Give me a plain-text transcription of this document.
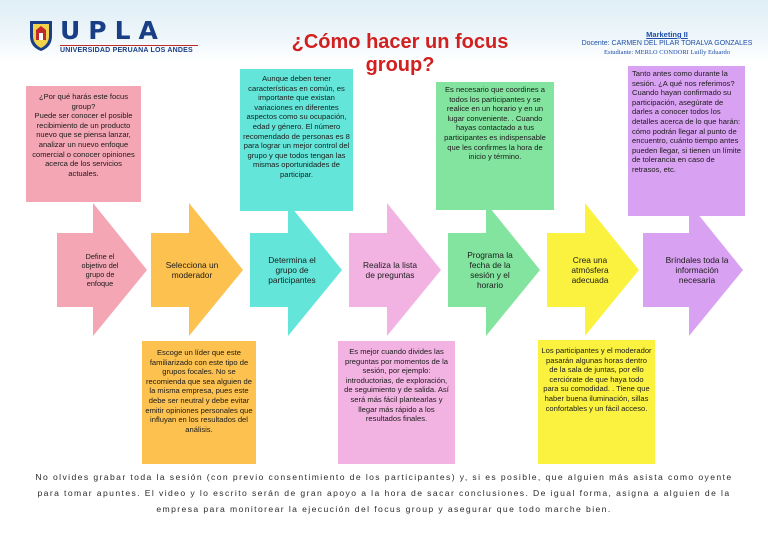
UPLA
UNIVERSIDAD PERUANA LOS ANDES	¿Cómo hacer un focus group?
Marketing II
Docente: CARMEN DEL PILAR TORALVA GONZALES
Estudiante: MERLO CONDORI Luilly Eduardo
¿Por qué harás este focus group?
Puede ser conocer el posible recibimiento de un producto nuevo que se piensa lanzar, analizar un nuevo enfoque comercial o conocer opiniones acerca de los servicios actuales.
Escoge un líder que este familiarizado con este tipo de grupos focales. No se recomienda que sea alguien de la misma empresa, pues este debe ser neutral y debe evitar emitir opiniones personales que influyan en los resultados del análisis.
Aunque deben tener características en común, es importante que existan variaciones en diferentes aspectos como su ocupación, edad y género. El número recomendado de personas es 8 para lograr un mejor control del grupo y que todos tengan las mismas oportunidades de participar.
Es mejor cuando divides las preguntas por momentos de la sesión, por ejemplo: introductorias, de exploración, de seguimiento y de salida. Así será más fácil plantearlas y llegar más rápido a los resultados finales.
Es necesario que coordines a todos los participantes y se realice en un horario y en un lugar conveniente. . Cuando hayas contactado a tus participantes es indispensable que les confirmes la hora de inicio y término.
Los participantes y el moderador pasarán algunas horas dentro de la sala de juntas, por ello cerciórate de que haya todo para su comodidad. . Tiene que haber buena iluminación, sillas confortables y un fácil acceso.
Tanto antes como durante la sesión. ¿A qué nos referimos? Cuando hayan confirmado su participación, asegúrate de darles a conocer todos los detalles acerca de lo que harán: cómo podrán llegar al punto de encuentro, cuánto tiempo antes pueden llegar, si tienen un límite de tolerancia en caso de retrasos, etc.
Define el objetivo del grupo de enfoque
Selecciona un moderador
Determina el grupo de participantes
Realiza la lista de preguntas
Programa la fecha de la sesión y el horario
Crea una atmósfera adecuada
Bríndales toda la información necesaria
No olvides grabar toda la sesión (con previo consentimiento de los participantes) y, si es posible, que alguien más asista como oyente para tomar apuntes. El video y lo escrito serán de gran apoyo a la hora de sacar conclusiones. De igual forma, asigna a alguien de la empresa para monitorear la ejecución del focus group y asegurar que todo marche bien.
